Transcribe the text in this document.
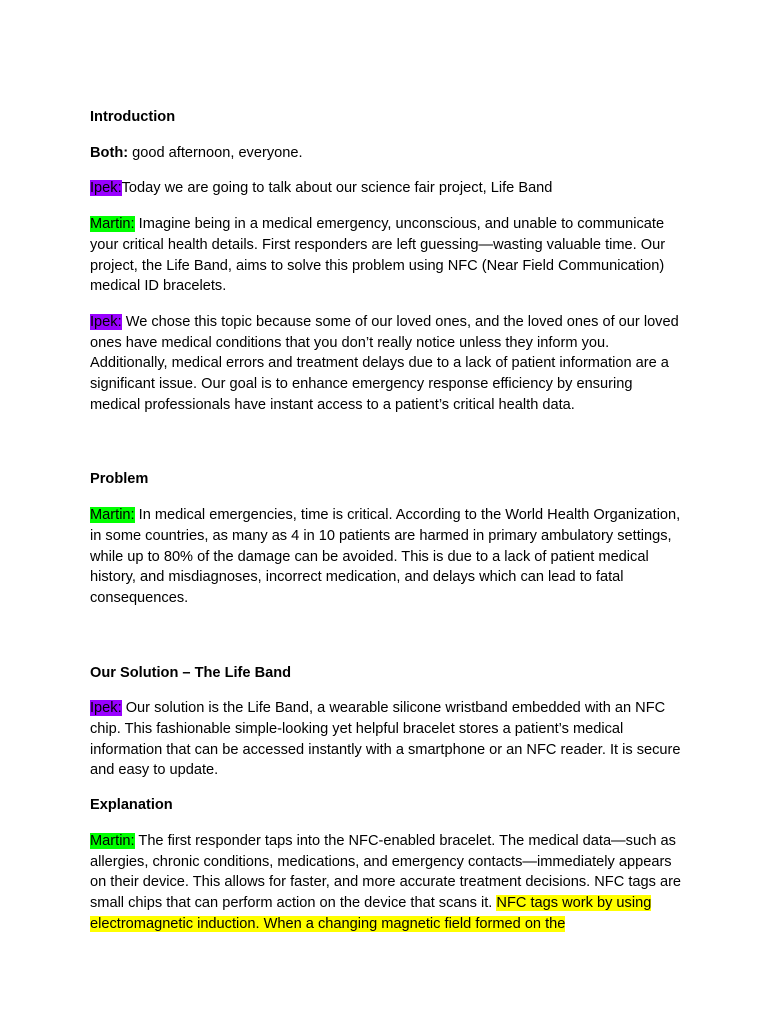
Introduction

Both: good afternoon, everyone.

Ipek:Today we are going to talk about our science fair project, Life Band

Martin: Imagine being in a medical emergency, unconscious, and unable to communicate your critical health details. First responders are left guessing—wasting valuable time. Our project, the Life Band, aims to solve this problem using NFC (Near Field Communication) medical ID bracelets.

Ipek: We chose this topic because some of our loved ones, and the loved ones of our loved ones have medical conditions that you don’t really notice unless they inform you. Additionally, medical errors and treatment delays due to a lack of patient information are a significant issue. Our goal is to enhance emergency response efficiency by ensuring medical professionals have instant access to a patient’s critical health data.

Problem

Martin: In medical emergencies, time is critical. According to the World Health Organization, in some countries, as many as 4 in 10 patients are harmed in primary ambulatory settings, while up to 80% of the damage can be avoided. This is due to a lack of patient medical history, and misdiagnoses, incorrect medication, and delays which can lead to fatal consequences.

Our Solution – The Life Band

Ipek: Our solution is the Life Band, a wearable silicone wristband embedded with an NFC chip. This fashionable simple-looking yet helpful bracelet stores a patient’s medical information that can be accessed instantly with a smartphone or an NFC reader. It is secure and easy to update.

Explanation

Martin: The first responder taps into the NFC-enabled bracelet. The medical data—such as allergies, chronic conditions, medications, and emergency contacts—immediately appears on their device. This allows for faster, and more accurate treatment decisions. NFC tags are small chips that can perform action on the device that scans it. NFC tags work by using electromagnetic induction. When a changing magnetic field formed on the
